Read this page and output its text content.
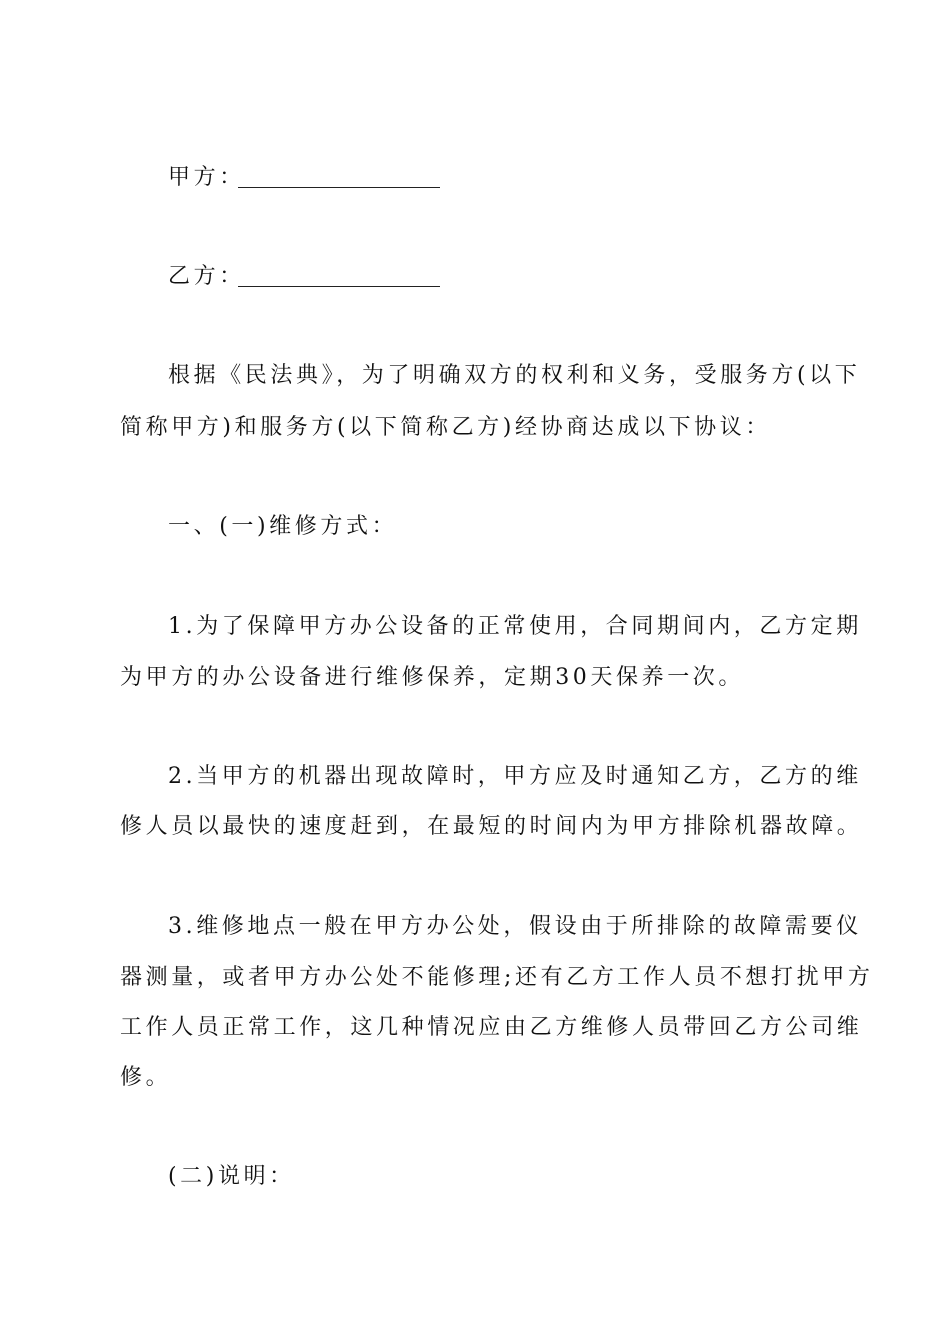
甲方：
乙方：
根据《民法典》，为了明确双方的权利和义务，受服务方(以下
简称甲方)和服务方(以下简称乙方)经协商达成以下协议：
一、(一)维修方式：
1.为了保障甲方办公设备的正常使用，合同期间内，乙方定期
为甲方的办公设备进行维修保养，定期30天保养一次。
2.当甲方的机器出现故障时，甲方应及时通知乙方，乙方的维
修人员以最快的速度赶到，在最短的时间内为甲方排除机器故障。
3.维修地点一般在甲方办公处，假设由于所排除的故障需要仪
器测量，或者甲方办公处不能修理;还有乙方工作人员不想打扰甲方
工作人员正常工作，这几种情况应由乙方维修人员带回乙方公司维
修。
(二)说明：
